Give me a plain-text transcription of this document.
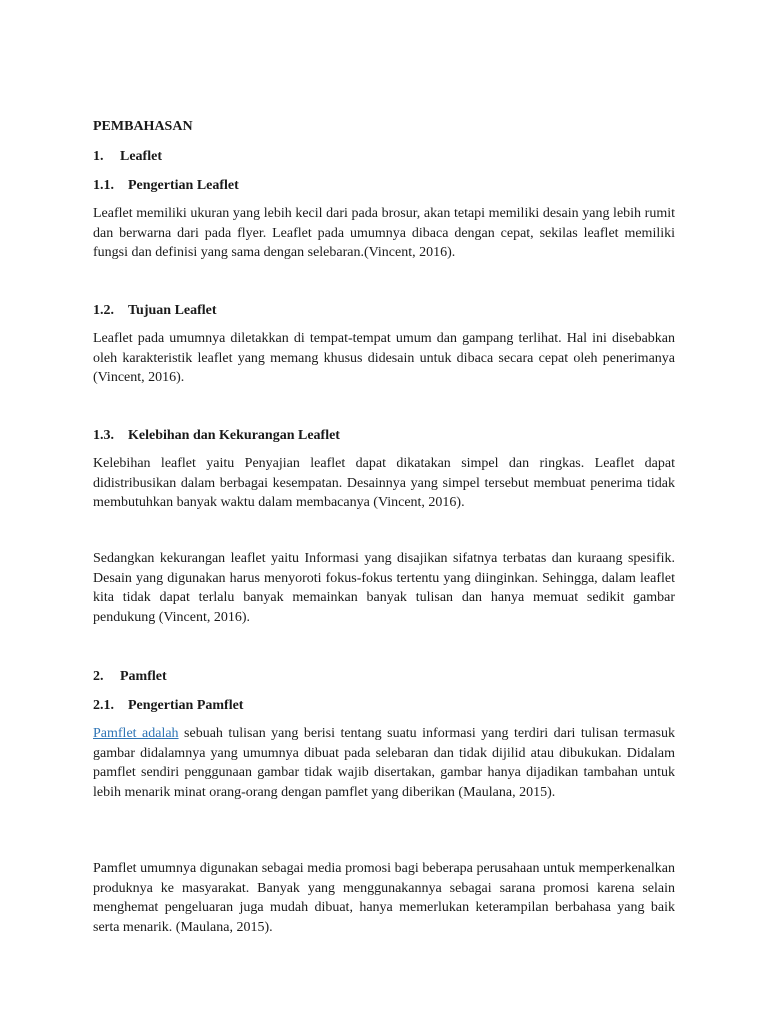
PEMBAHASAN
1. Leaflet
1.1. Pengertian Leaflet
Leaflet memiliki ukuran yang lebih kecil dari pada brosur, akan tetapi memiliki desain yang lebih rumit dan berwarna dari pada flyer. Leaflet pada umumnya dibaca dengan cepat, sekilas leaflet memiliki fungsi dan definisi yang sama dengan selebaran.(Vincent, 2016).
1.2. Tujuan Leaflet
Leaflet pada umumnya diletakkan di tempat-tempat umum dan gampang terlihat. Hal ini disebabkan oleh karakteristik leaflet yang memang khusus didesain untuk dibaca secara cepat oleh penerimanya (Vincent, 2016).
1.3. Kelebihan dan Kekurangan Leaflet
Kelebihan leaflet yaitu Penyajian leaflet dapat dikatakan simpel dan ringkas. Leaflet dapat didistribusikan dalam berbagai kesempatan. Desainnya yang simpel tersebut membuat penerima tidak membutuhkan banyak waktu dalam membacanya (Vincent, 2016).
Sedangkan kekurangan leaflet yaitu Informasi yang disajikan sifatnya terbatas dan kuraang spesifik. Desain yang digunakan harus menyoroti fokus-fokus tertentu yang diinginkan. Sehingga, dalam leaflet kita tidak dapat terlalu banyak memainkan banyak tulisan dan hanya memuat sedikit gambar pendukung (Vincent, 2016).
2. Pamflet
2.1. Pengertian Pamflet
Pamflet adalah sebuah tulisan yang berisi tentang suatu informasi yang terdiri dari tulisan termasuk gambar didalamnya yang umumnya dibuat pada selebaran dan tidak dijilid atau dibukukan. Didalam pamflet sendiri penggunaan gambar tidak wajib disertakan, gambar hanya dijadikan tambahan untuk lebih menarik minat orang-orang dengan pamflet yang diberikan (Maulana, 2015).
Pamflet umumnya digunakan sebagai media promosi bagi beberapa perusahaan untuk memperkenalkan produknya ke masyarakat. Banyak yang menggunakannya sebagai sarana promosi karena selain menghemat pengeluaran juga mudah dibuat, hanya memerlukan keterampilan berbahasa yang baik serta menarik. (Maulana, 2015).
